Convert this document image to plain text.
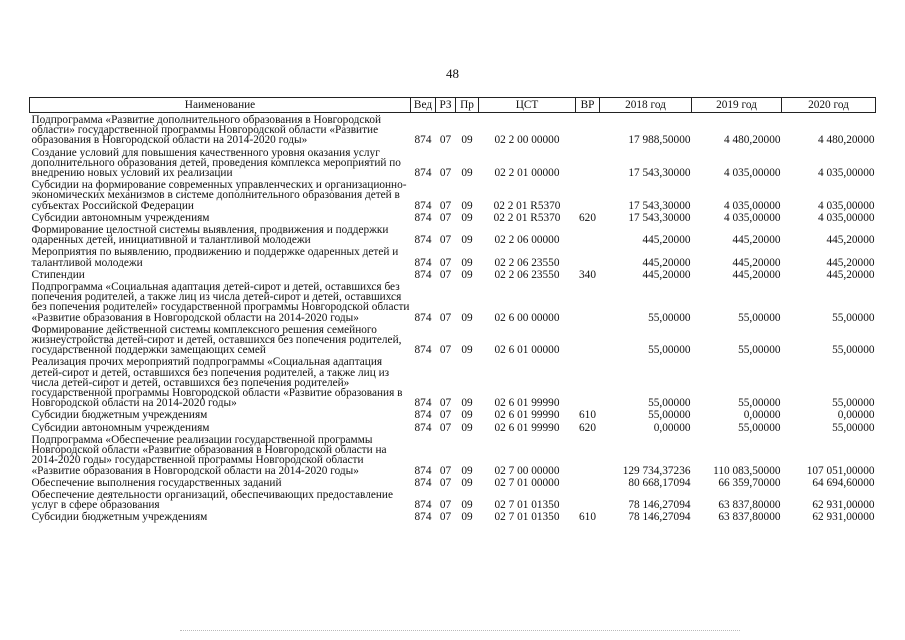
48
Наименование	Вед	РЗ	Пр	ЦСТ	ВР	2018 год	2019 год	2020 год
Подпрограмма «Развитие дополнительного образования в Новгородской области» государственной программы Новгородской области «Развитие образования в Новгородской области на 2014-2020 годы»	874	07	09	02 2 00 00000		17 988,50000	4 480,20000	4 480,20000
Создание условий для повышения качественного уровня оказания услуг дополнительного образования детей, проведения комплекса мероприятий по внедрению новых условий их реализации	874	07	09	02 2 01 00000		17 543,30000	4 035,00000	4 035,00000
Субсидии на формирование современных управленческих и организационно-экономических механизмов в системе дополнительного образования детей в субъектах Российской Федерации	874	07	09	02 2 01 R5370		17 543,30000	4 035,00000	4 035,00000
Субсидии автономным учреждениям	874	07	09	02 2 01 R5370	620	17 543,30000	4 035,00000	4 035,00000
Формирование целостной системы выявления, продвижения и поддержки одаренных детей, инициативной и талантливой молодежи	874	07	09	02 2 06 00000		445,20000	445,20000	445,20000
Мероприятия по выявлению, продвижению и поддержке одаренных детей и талантливой молодежи	874	07	09	02 2 06 23550		445,20000	445,20000	445,20000
Стипендии	874	07	09	02 2 06 23550	340	445,20000	445,20000	445,20000
Подпрограмма «Социальная адаптация детей-сирот и детей, оставшихся без попечения родителей, а также лиц из числа детей-сирот и детей, оставшихся без попечения родителей» государственной программы Новгородской области «Развитие образования в Новгородской области на 2014-2020 годы»	874	07	09	02 6 00 00000		55,00000	55,00000	55,00000
Формирование действенной системы комплексного решения семейного жизнеустройства детей-сирот и детей, оставшихся без попечения родителей, государственной поддержки замещающих семей	874	07	09	02 6 01 00000		55,00000	55,00000	55,00000
Реализация прочих мероприятий подпрограммы «Социальная адаптация детей-сирот и детей, оставшихся без попечения родителей, а также лиц из числа детей-сирот и детей, оставшихся без попечения родителей» государственной программы Новгородской области «Развитие образования в Новгородской области на 2014-2020 годы»	874	07	09	02 6 01 99990		55,00000	55,00000	55,00000
Субсидии бюджетным учреждениям	874	07	09	02 6 01 99990	610	55,00000	0,00000	0,00000
Субсидии автономным учреждениям	874	07	09	02 6 01 99990	620	0,00000	55,00000	55,00000
Подпрограмма «Обеспечение реализации государственной программы Новгородской области «Развитие образования в Новгородской области на 2014-2020 годы» государственной программы Новгородской области «Развитие образования в Новгородской области на 2014-2020 годы»	874	07	09	02 7 00 00000		129 734,37236	110 083,50000	107 051,00000
Обеспечение выполнения государственных заданий	874	07	09	02 7 01 00000		80 668,17094	66 359,70000	64 694,60000
Обеспечение деятельности организаций, обеспечивающих предоставление услуг в сфере образования	874	07	09	02 7 01 01350		78 146,27094	63 837,80000	62 931,00000
Субсидии бюджетным учреждениям	874	07	09	02 7 01 01350	610	78 146,27094	63 837,80000	62 931,00000
